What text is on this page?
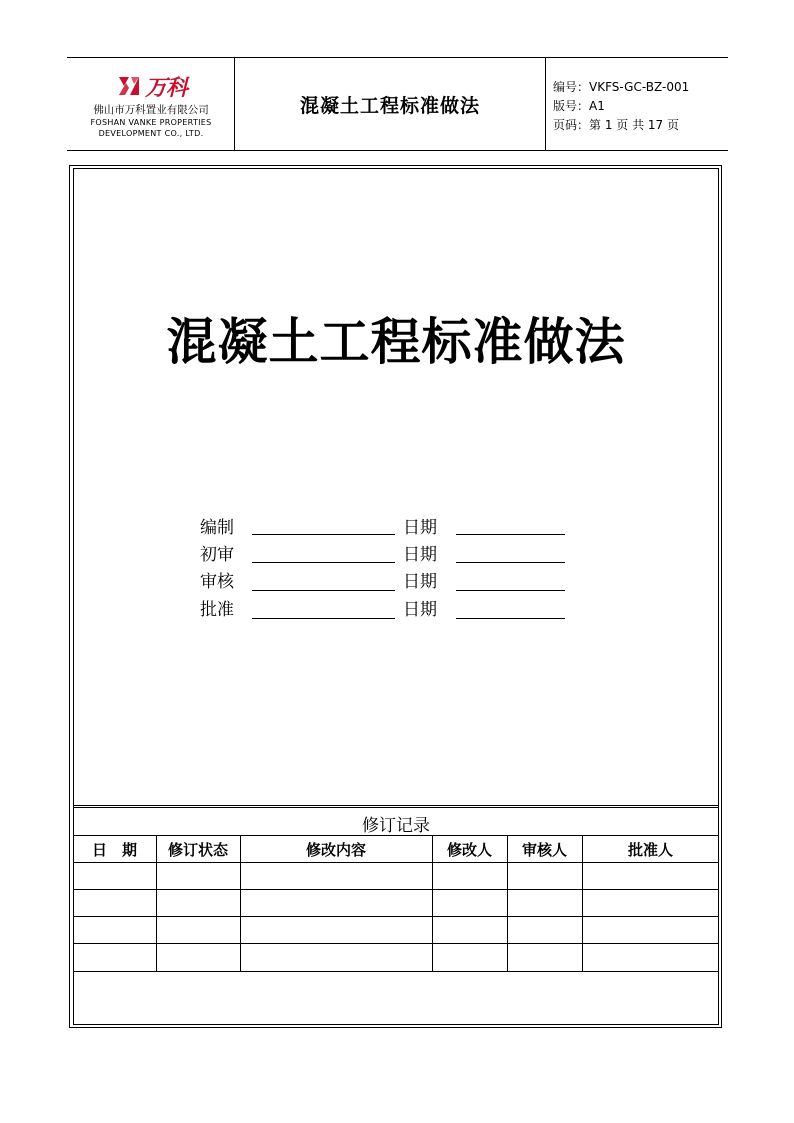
万科
佛山市万科置业有限公司
FOSHAN VANKE PROPERTIES
DEVELOPMENT CO., LTD.
混凝土工程标准做法
编号：VKFS-GC-BZ-001
版号：A1
页码：第 1 页 共 17 页
混凝土工程标准做法
编制	日期
初审	日期
审核	日期
批准	日期
修订记录
日　期	修订状态	修改内容	修改人	审核人	批准人
